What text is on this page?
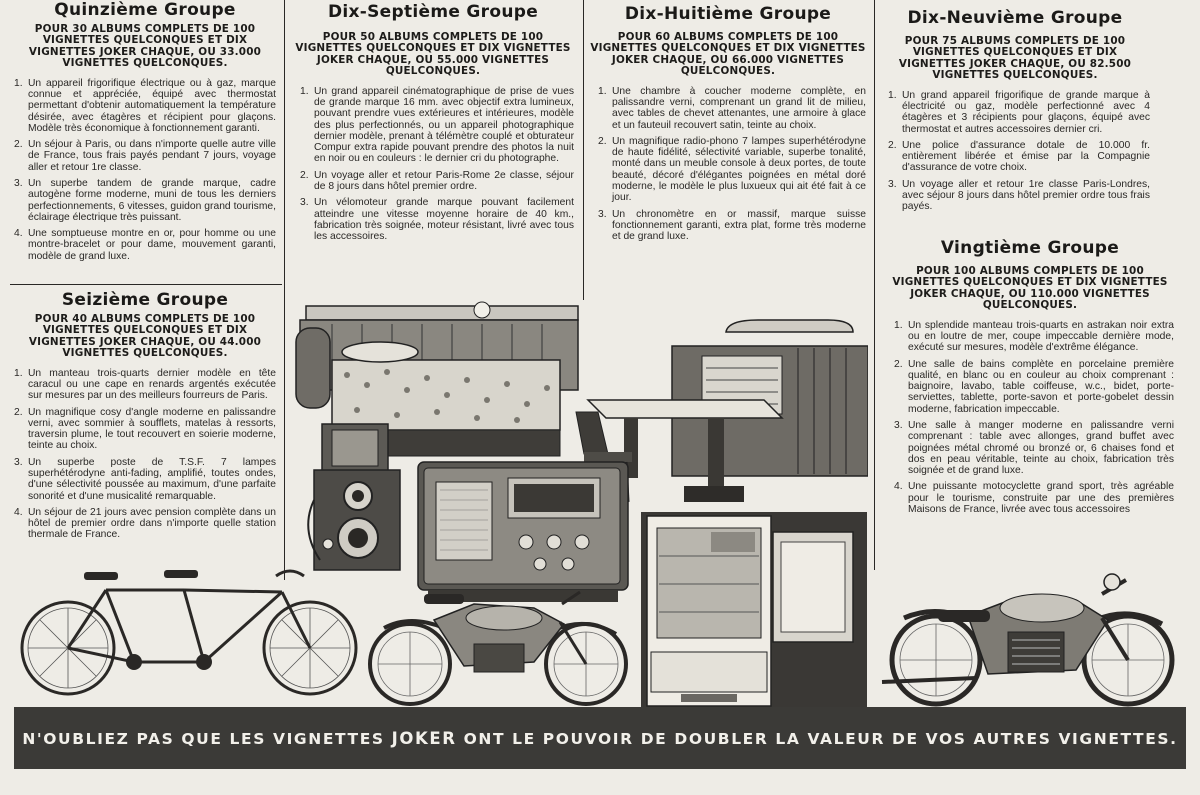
Quinzième Groupe
POUR 30 ALBUMS COMPLETS DE 100 VIGNETTES QUELCONQUES ET DIX VIGNETTES JOKER CHAQUE, OU 33.000 VIGNETTES QUELCONQUES.
1. Un appareil frigorifique électrique ou à gaz, marque connue et appréciée, équipé avec thermostat permettant d'obtenir automatiquement la température désirée, avec étagères et récipient pour glaçons. Modèle très économique à fonctionnement garanti.
2. Un séjour à Paris, ou dans n'importe quelle autre ville de France, tous frais payés pendant 7 jours, voyage aller et retour 1re classe.
3. Un superbe tandem de grande marque, cadre autogène forme moderne, muni de tous les derniers perfectionnements, 6 vitesses, guidon grand tourisme, éclairage électrique très puissant.
4. Une somptueuse montre en or, pour homme ou une montre-bracelet or pour dame, mouvement garanti, modèle de grand luxe.
Seizième Groupe
POUR 40 ALBUMS COMPLETS DE 100 VIGNETTES QUELCONQUES ET DIX VIGNETTES JOKER CHAQUE, OU 44.000 VIGNETTES QUELCONQUES.
1. Un manteau trois-quarts dernier modèle en tête caracul ou une cape en renards argentés exécutée sur mesures par un des meilleurs fourreurs de Paris.
2. Un magnifique cosy d'angle moderne en palissandre verni, avec sommier à soufflets, matelas à ressorts, traversin plume, le tout recouvert en soierie moderne, teinte au choix.
3. Un superbe poste de T.S.F. 7 lampes superhétérodyne anti-fading, amplifié, toutes ondes, d'une sélectivité poussée au maximum, d'une parfaite sonorité et d'une musicalité remarquable.
4. Un séjour de 21 jours avec pension complète dans un hôtel de premier ordre dans n'importe quelle station thermale de France.
Dix-Septième Groupe
POUR 50 ALBUMS COMPLETS DE 100 VIGNETTES QUELCONQUES ET DIX VIGNETTES JOKER CHAQUE, OU 55.000 VIGNETTES QUELCONQUES.
1. Un grand appareil cinématographique de prise de vues de grande marque 16 mm. avec objectif extra lumineux, pouvant prendre vues extérieures et intérieures, modèle des plus perfectionnés, ou un appareil photographique dernier modèle, prenant à télémètre couplé et obturateur Compur extra rapide pouvant prendre des photos la nuit en noir ou en couleurs : le dernier cri du photographe.
2. Un voyage aller et retour Paris-Rome 2e classe, séjour de 8 jours dans hôtel premier ordre.
3. Un vélomoteur grande marque pouvant facilement atteindre une vitesse moyenne horaire de 40 km., fabrication très soignée, moteur résistant, livré avec tous les accessoires.
Dix-Huitième Groupe
POUR 60 ALBUMS COMPLETS DE 100 VIGNETTES QUELCONQUES ET DIX VIGNETTES JOKER CHAQUE, OU 66.000 VIGNETTES QUELCONQUES.
1. Une chambre à coucher moderne complète, en palissandre verni, comprenant un grand lit de milieu, avec tables de chevet attenantes, une armoire à glace et un fauteuil recouvert satin, teinte au choix.
2. Un magnifique radio-phono 7 lampes superhétérodyne de haute fidélité, sélectivité variable, superbe tonalité, monté dans un meuble console à deux portes, de toute beauté, décoré d'élégantes poignées en métal doré moderne, le modèle le plus luxueux qui ait été fait à ce jour.
3. Un chronomètre en or massif, marque suisse fonctionnement garanti, extra plat, forme très moderne et de grand luxe.
Dix-Neuvième Groupe
POUR 75 ALBUMS COMPLETS DE 100 VIGNETTES QUELCONQUES ET DIX VIGNETTES JOKER CHAQUE, OU 82.500 VIGNETTES QUELCONQUES.
1. Un grand appareil frigorifique de grande marque à électricité ou gaz, modèle perfectionné avec 4 étagères et 3 récipients pour glaçons, équipé avec thermostat et autres accessoires dernier cri.
2. Une police d'assurance dotale de 10.000 fr. entièrement libérée et émise par la Compagnie d'assurance de votre choix.
3. Un voyage aller et retour 1re classe Paris-Londres, avec séjour 8 jours dans hôtel premier ordre tous frais payés.
Vingtième Groupe
POUR 100 ALBUMS COMPLETS DE 100 VIGNETTES QUELCONQUES ET DIX VIGNETTES JOKER CHAQUE, OU 110.000 VIGNETTES QUELCONQUES.
1. Un splendide manteau trois-quarts en astrakan noir extra ou en loutre de mer, coupe impeccable dernière mode, exécuté sur mesures, modèle d'extrême élégance.
2. Une salle de bains complète en porcelaine première qualité, en blanc ou en couleur au choix comprenant : baignoire, lavabo, table coiffeuse, w.c., bidet, porte-serviettes, tablette, porte-savon et porte-gobelet dessin moderne, fabrication impeccable.
3. Une salle à manger moderne en palissandre verni comprenant : table avec allonges, grand buffet avec poignées métal chromé ou bronzé or, 6 chaises fond et dos en peau véritable, teinte au choix, fabrication très soignée et de grand luxe.
4. Une puissante motocyclette grand sport, très agréable pour le tourisme, construite par une des premières Maisons de France, livrée avec tous accessoires
N'OUBLIEZ PAS QUE LES VIGNETTES JOKER ONT LE POUVOIR DE DOUBLER LA VALEUR DE VOS AUTRES VIGNETTES.
